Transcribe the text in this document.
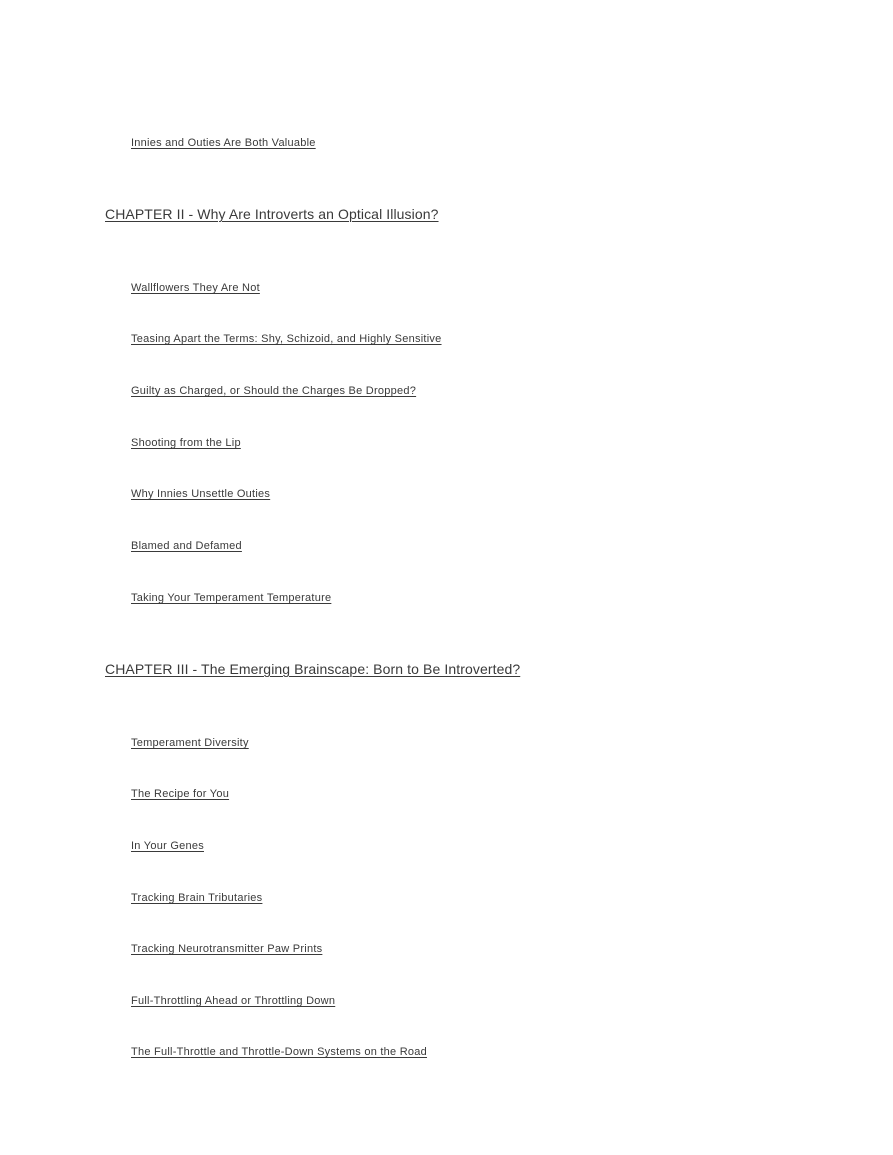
Innies and Outies Are Both Valuable
CHAPTER II - Why Are Introverts an Optical Illusion?
Wallflowers They Are Not
Teasing Apart the Terms: Shy, Schizoid, and Highly Sensitive
Guilty as Charged, or Should the Charges Be Dropped?
Shooting from the Lip
Why Innies Unsettle Outies
Blamed and Defamed
Taking Your Temperament Temperature
CHAPTER III - The Emerging Brainscape: Born to Be Introverted?
Temperament Diversity
The Recipe for You
In Your Genes
Tracking Brain Tributaries
Tracking Neurotransmitter Paw Prints
Full-Throttling Ahead or Throttling Down
The Full-Throttle and Throttle-Down Systems on the Road
